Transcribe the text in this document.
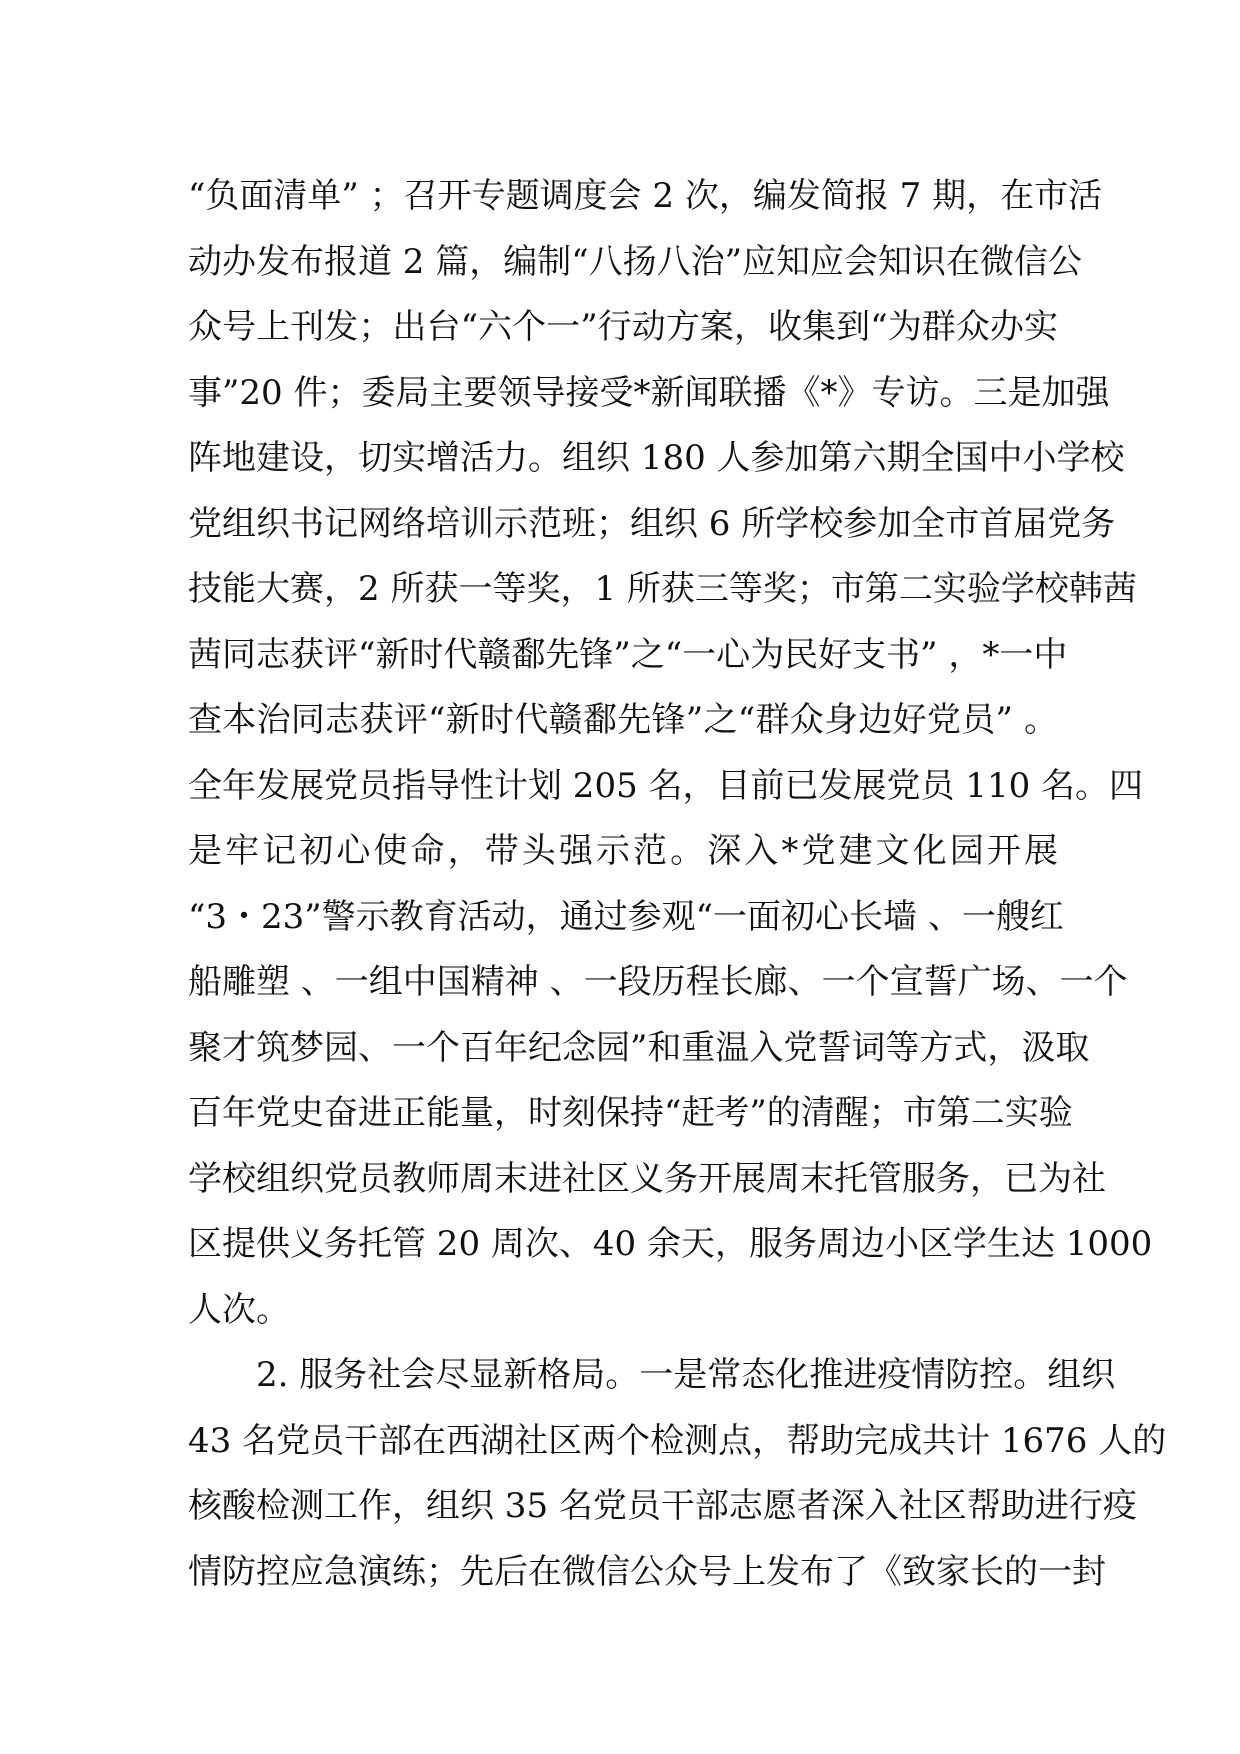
“负面清单” ；召开专题调度会 2 次，编发简报 7 期，在市活
动办发布报道 2 篇，编制“八扬八治”应知应会知识在微信公
众号上刊发；出台“六个一”行动方案，收集到“为群众办实
事”20 件；委局主要领导接受*新闻联播《*》专访。三是加强
阵地建设，切实增活力。组织 180 人参加第六期全国中小学校
党组织书记网络培训示范班；组织 6 所学校参加全市首届党务
技能大赛，2 所获一等奖，1 所获三等奖；市第二实验学校韩茜
茜同志获评“新时代赣鄱先锋”之“一心为民好支书” ，*一中
查本治同志获评“新时代赣鄱先锋”之“群众身边好党员” 。
全年发展党员指导性计划 205 名，目前已发展党员 110 名。四
是牢记初心使命，带头强示范。深入*党建文化园开展
“3・23”警示教育活动，通过参观“一面初心长墙 、一艘红
船雕塑 、一组中国精神 、一段历程长廊、一个宣誓广场、一个
聚才筑梦园、一个百年纪念园”和重温入党誓词等方式，汲取
百年党史奋进正能量，时刻保持“赶考”的清醒；市第二实验
学校组织党员教师周末进社区义务开展周末托管服务，已为社
区提供义务托管 20 周次、40 余天，服务周边小区学生达 1000
人次。
2. 服务社会尽显新格局。一是常态化推进疫情防控。组织
43 名党员干部在西湖社区两个检测点，帮助完成共计 1676 人的
核酸检测工作，组织 35 名党员干部志愿者深入社区帮助进行疫
情防控应急演练；先后在微信公众号上发布了《致家长的一封
